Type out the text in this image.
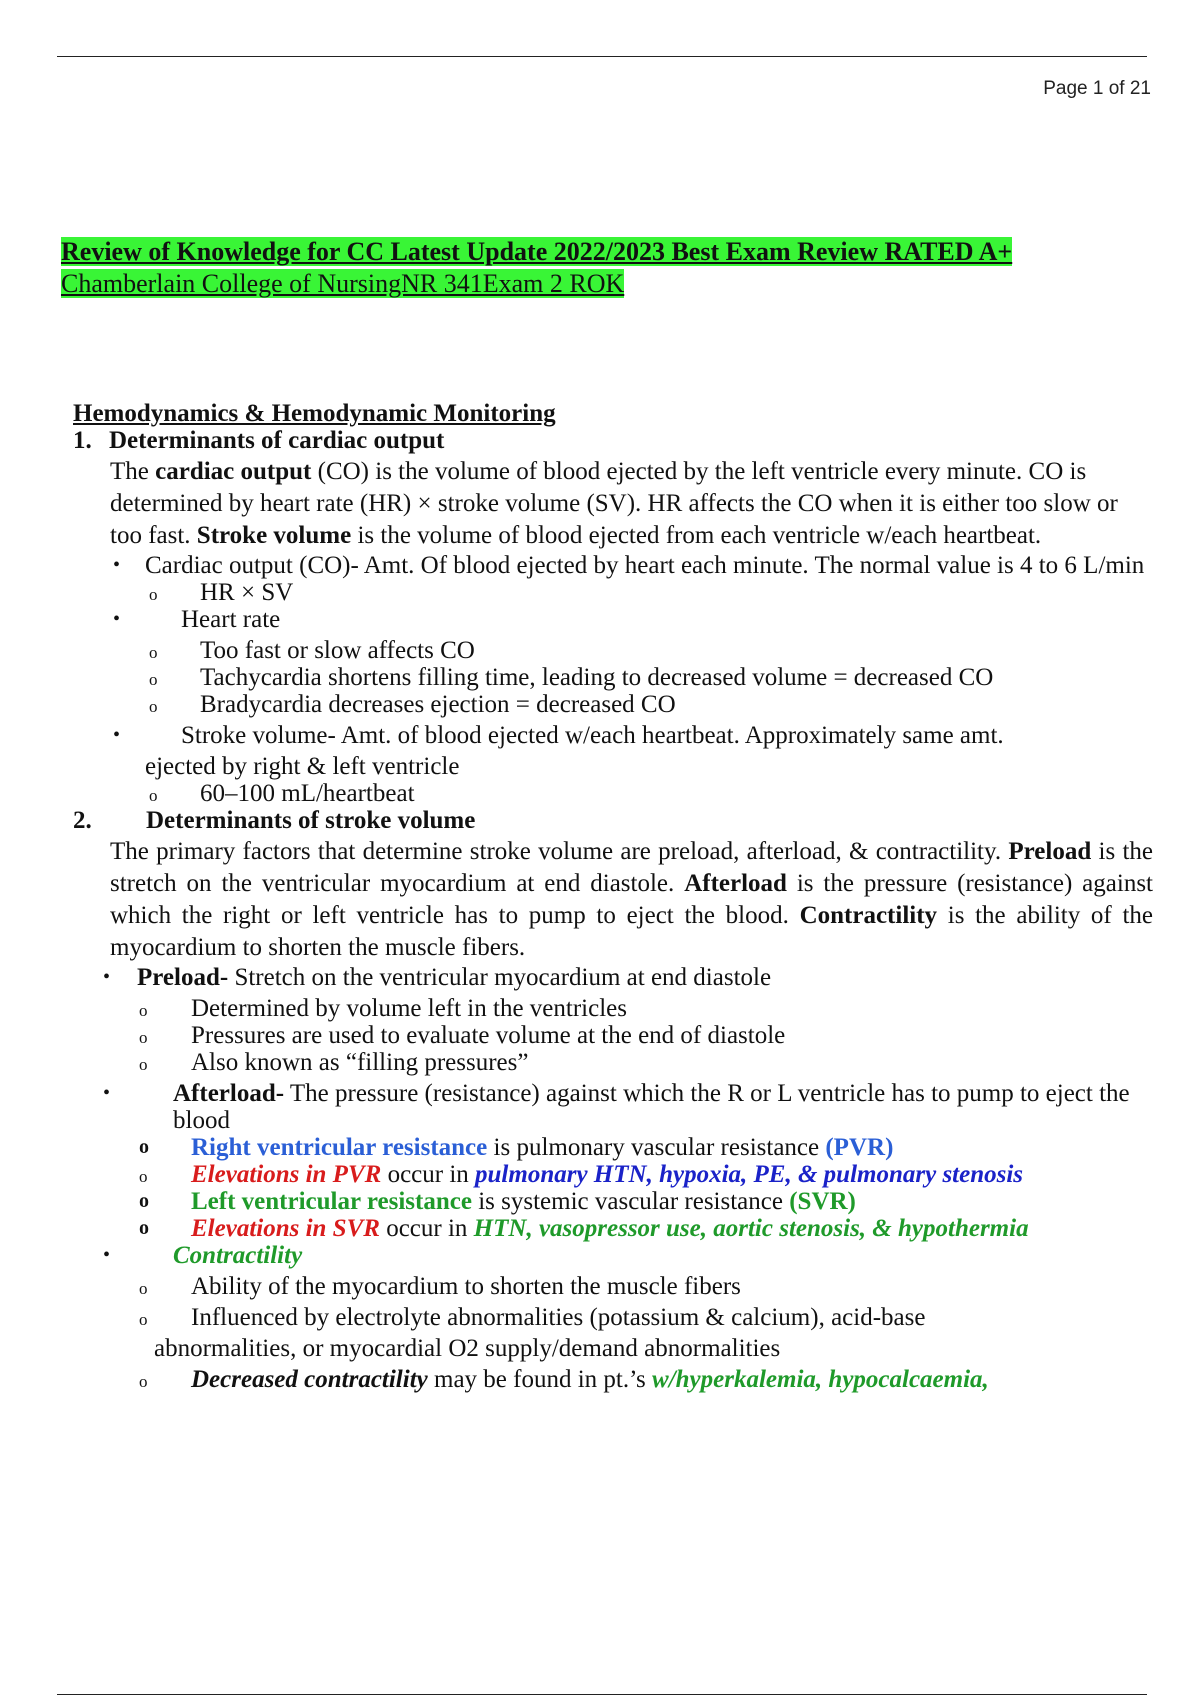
Page 1 of 21
Review of Knowledge for CC Latest Update 2022/2023 Best Exam Review RATED A+
Chamberlain College of NursingNR 341Exam 2 ROK
Hemodynamics & Hemodynamic Monitoring
1. Determinants of cardiac output
The cardiac output (CO) is the volume of blood ejected by the left ventricle every minute. CO is determined by heart rate (HR) × stroke volume (SV). HR affects the CO when it is either too slow or too fast. Stroke volume is the volume of blood ejected from each ventricle w/each heartbeat.
• Cardiac output (CO)- Amt. Of blood ejected by heart each minute. The normal value is 4 to 6 L/min
o HR × SV
• Heart rate
o Too fast or slow affects CO
o Tachycardia shortens filling time, leading to decreased volume = decreased CO
o Bradycardia decreases ejection = decreased CO
• Stroke volume- Amt. of blood ejected w/each heartbeat. Approximately same amt.
ejected by right & left ventricle
o 60–100 mL/heartbeat
2. Determinants of stroke volume
The primary factors that determine stroke volume are preload, afterload, & contractility. Preload is the stretch on the ventricular myocardium at end diastole. Afterload is the pressure (resistance) against which the right or left ventricle has to pump to eject the blood. Contractility is the ability of the myocardium to shorten the muscle fibers.
• Preload- Stretch on the ventricular myocardium at end diastole
o Determined by volume left in the ventricles
o Pressures are used to evaluate volume at the end of diastole
o Also known as “filling pressures”
•	Afterload- The pressure (resistance) against which the R or L ventricle has to pump to eject the blood
o Right ventricular resistance is pulmonary vascular resistance (PVR)
o Elevations in PVR occur in pulmonary HTN, hypoxia, PE, & pulmonary stenosis
o Left ventricular resistance is systemic vascular resistance (SVR)
o Elevations in SVR occur in HTN, vasopressor use, aortic stenosis, & hypothermia
•	Contractility
o Ability of the myocardium to shorten the muscle fibers
o Influenced by electrolyte abnormalities (potassium & calcium), acid-base
abnormalities, or myocardial O2 supply/demand abnormalities
o Decreased contractility may be found in pt.’s w/hyperkalemia, hypocalcaemia,
